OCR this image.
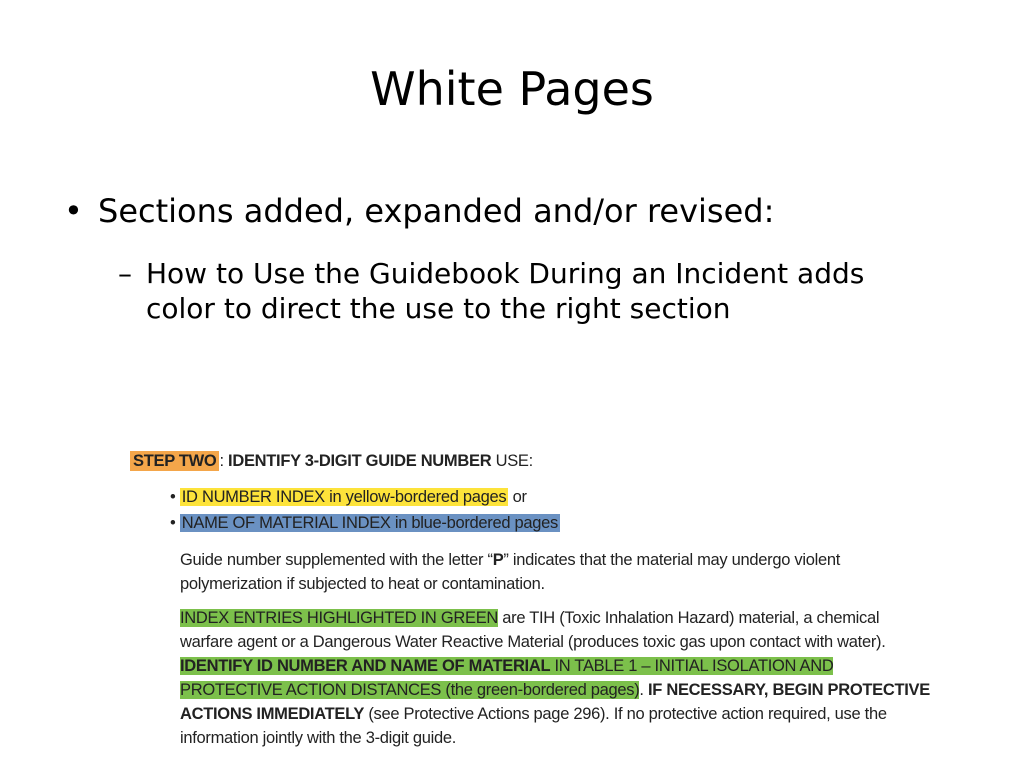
White Pages
• Sections added, expanded and/or revised:
– How to Use the Guidebook During an Incident adds color to direct the use to the right section
STEP TWO : IDENTIFY 3-DIGIT GUIDE NUMBER USE:
• ID NUMBER INDEX in yellow-bordered pages or
• NAME OF MATERIAL INDEX in blue-bordered pages
Guide number supplemented with the letter “P” indicates that the material may undergo violent polymerization if subjected to heat or contamination.
INDEX ENTRIES HIGHLIGHTED IN GREEN are TIH (Toxic Inhalation Hazard) material, a chemical warfare agent or a Dangerous Water Reactive Material (produces toxic gas upon contact with water). IDENTIFY ID NUMBER AND NAME OF MATERIAL IN TABLE 1 – INITIAL ISOLATION AND PROTECTIVE ACTION DISTANCES (the green-bordered pages). IF NECESSARY, BEGIN PROTECTIVE ACTIONS IMMEDIATELY (see Protective Actions page 296). If no protective action required, use the information jointly with the 3-digit guide.
